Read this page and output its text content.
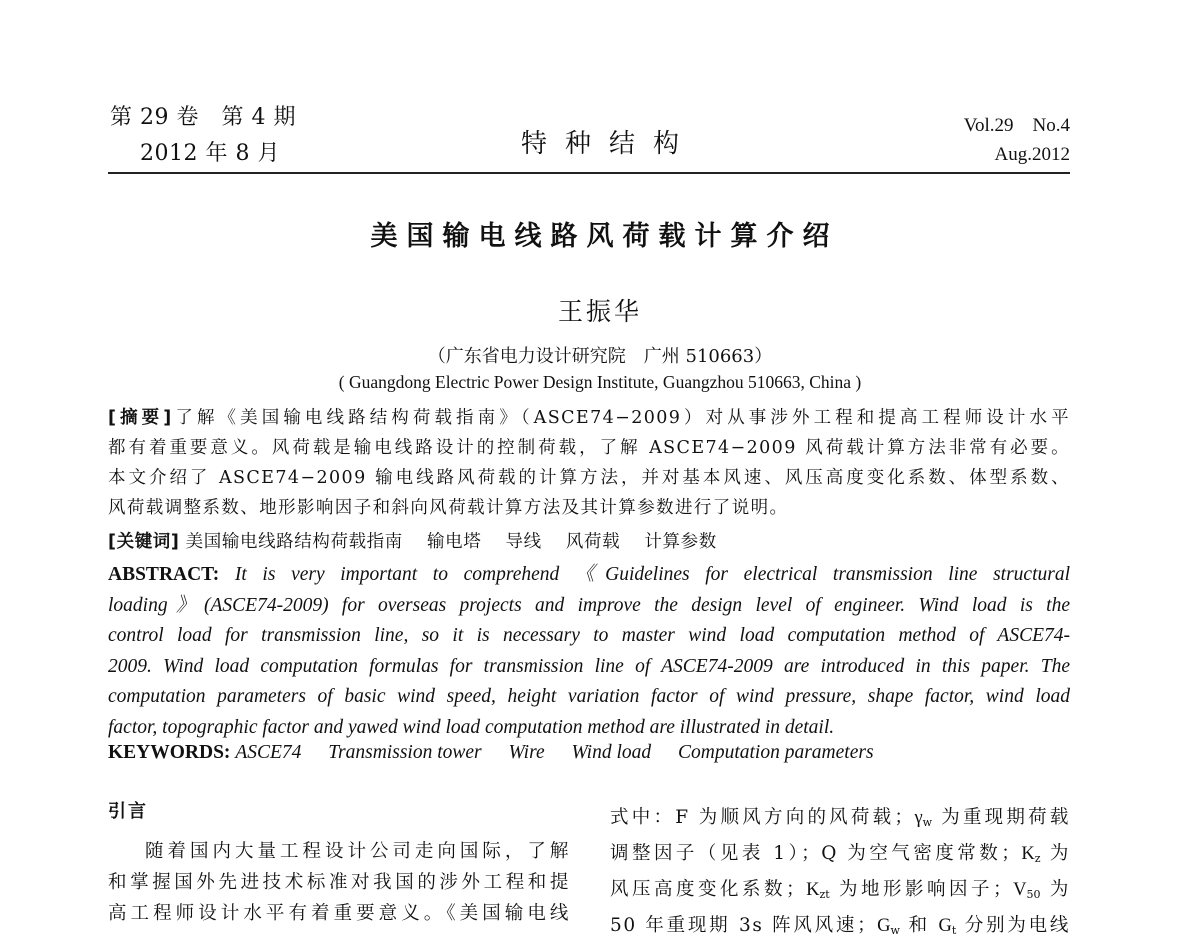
第 29 卷　第 4 期
2012 年 8 月	特种结构
Vol.29　No.4
Aug.2012
美国输电线路风荷载计算介绍
王振华
（广东省电力设计研究院　广州 510663）
( Guangdong Electric Power Design Institute, Guangzhou 510663, China )
[摘要]了解《美国输电线路结构荷载指南》（ASCE74−2009）对从事涉外工程和提高工程师设计水平
都有着重要意义。风荷载是输电线路设计的控制荷载，了解 ASCE74−2009 风荷载计算方法非常有必要。
本文介绍了 ASCE74−2009 输电线路风荷载的计算方法，并对基本风速、风压高度变化系数、体型系数、
风荷载调整系数、地形影响因子和斜向风荷载计算方法及其计算参数进行了说明。
[关键词] 美国输电线路结构荷载指南 输电塔 导线 风荷载 计算参数
ABSTRACT: It is very important to comprehend 《Guidelines for electrical transmission line structural
loading》(ASCE74-2009) for overseas projects and improve the design level of engineer. Wind load is the
control load for transmission line, so it is necessary to master wind load computation method of ASCE74-
2009. Wind load computation formulas for transmission line of ASCE74-2009 are introduced in this paper. The
computation parameters of basic wind speed, height variation factor of wind pressure, shape factor, wind load
factor, topographic factor and yawed wind load computation method are illustrated in detail.
KEYWORDS: ASCE74 Transmission tower Wire Wind load Computation parameters
引言
随着国内大量工程设计公司走向国际，了解
和掌握国外先进技术标准对我国的涉外工程和提
高工程师设计水平有着重要意义。《美国输电线
式中：F 为顺风方向的风荷载；$\gamma_w$ 为重现期荷载
调整因子（见表 1）；Q 为空气密度常数；$K_z$ 为
风压高度变化系数；$K_{zt}$ 为地形影响因子；$V_{50}$ 为
50 年重现期 3s 阵风风速；$G_w$ 和 $G_t$ 分别为电线
